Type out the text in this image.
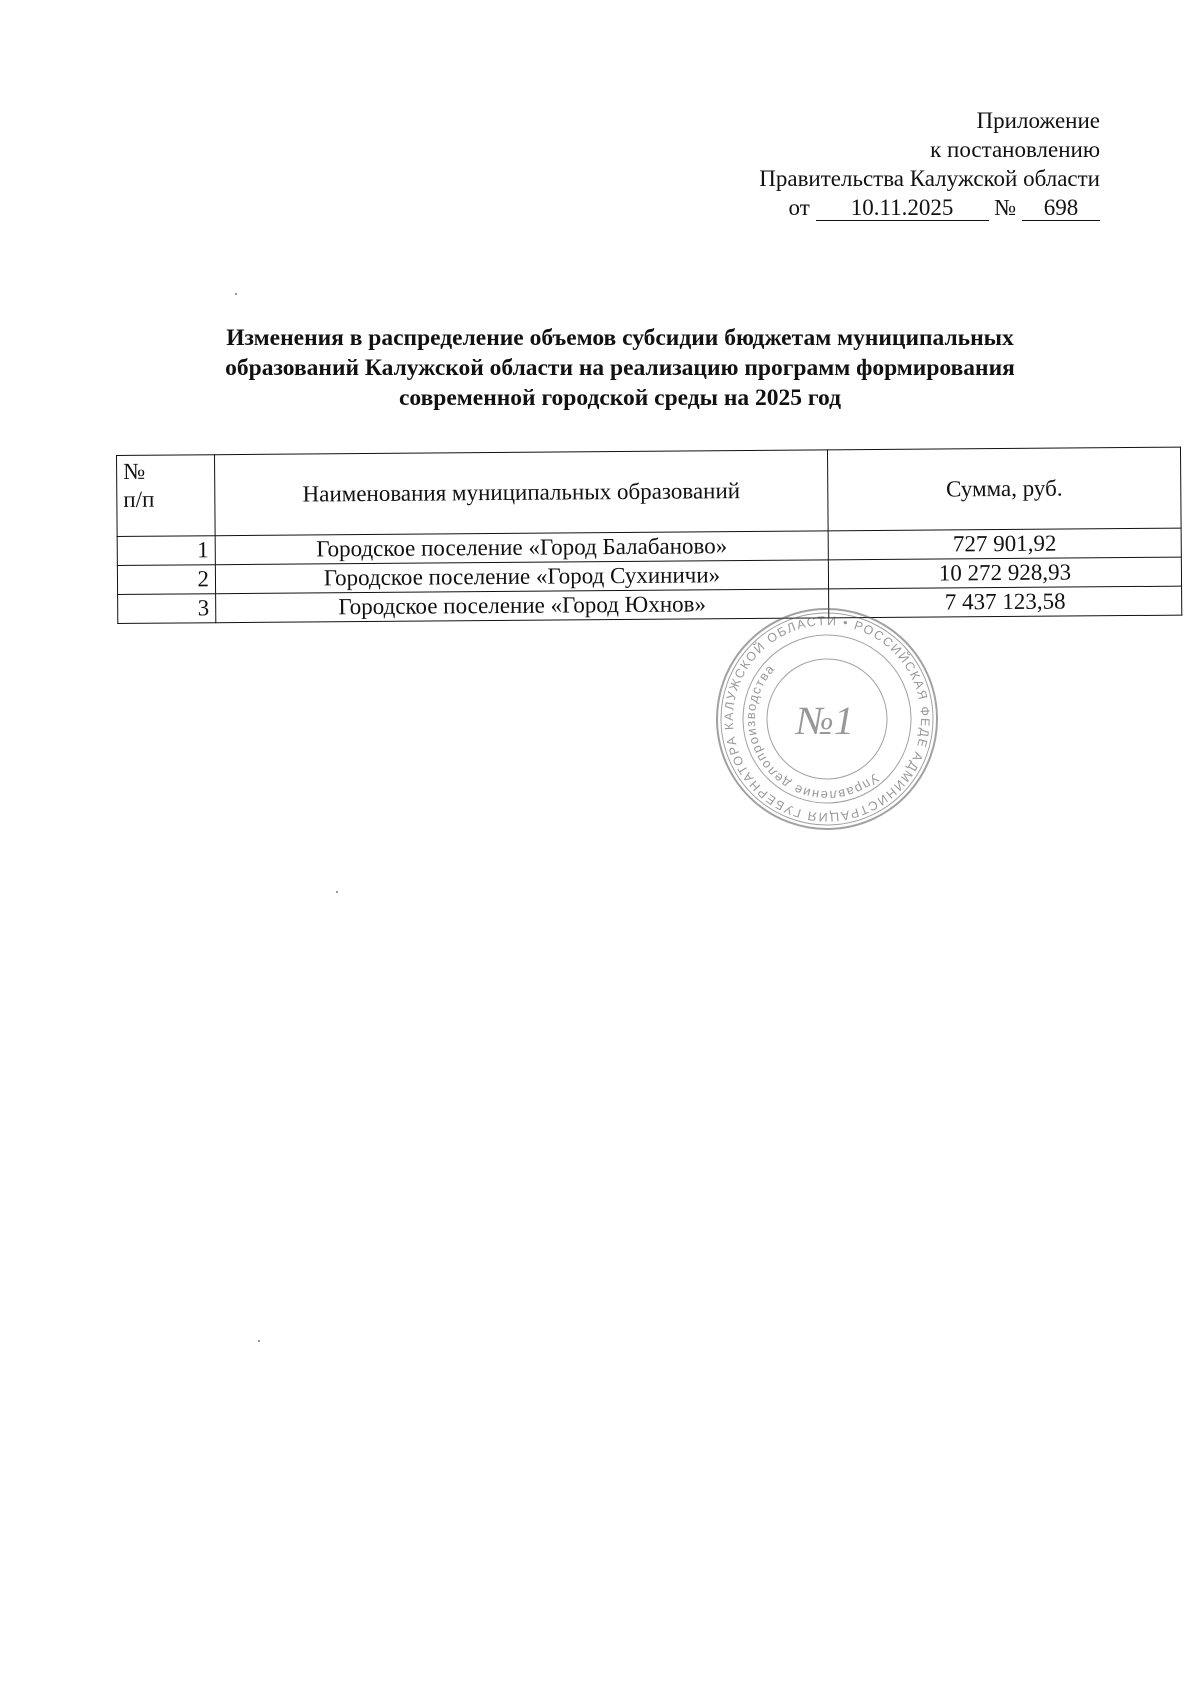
Приложение
к постановлению
Правительства Калужской области
от 10.11.2025 № 698
Изменения в распределение объемов субсидии бюджетам муниципальных
образований Калужской области на реализацию программ формирования
современной городской среды на 2025 год
№
п/п	Наименования муниципальных образований	Сумма, руб.
1	Городское поселение «Город Балабаново»	727 901,92
2	Городское поселение «Город Сухиничи»	10 272 928,93
3	Городское поселение «Город Юхнов»	7 437 123,58
АДМИНИСТРАЦИЯ ГУБЕРНАТОРА КАЛУЖСКОЙ ОБЛАСТИ • РОССИЙСКАЯ ФЕДЕРАЦИЯ
Управление делопроизводства
№1
